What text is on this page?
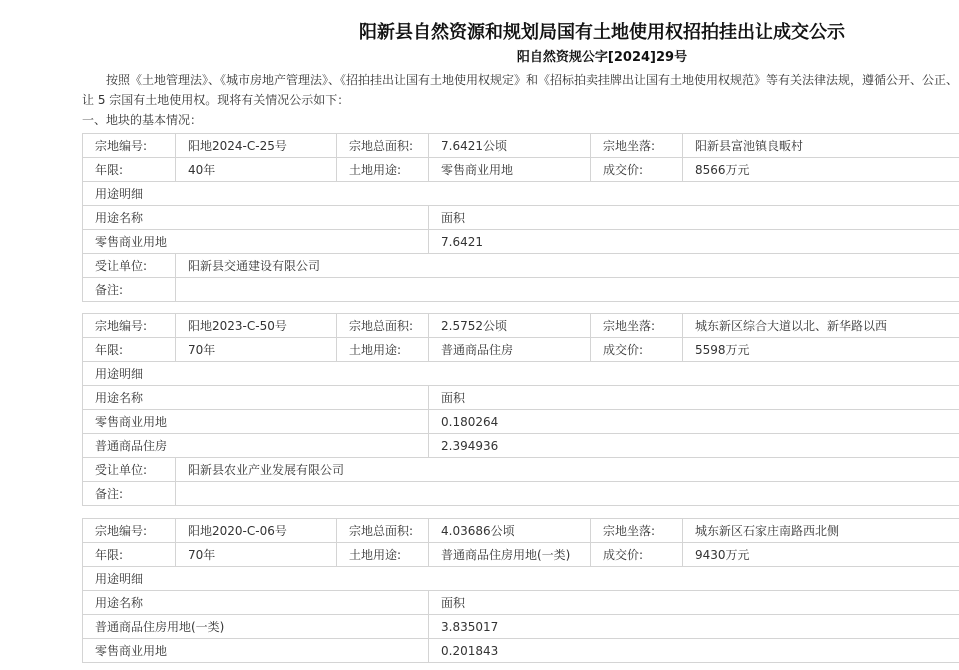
阳新县自然资源和规划局国有土地使用权招拍挂出让成交公示
阳自然资规公字[2024]29号
按照《土地管理法》、《城市房地产管理法》、《招拍挂出让国有土地使用权规定》和《招标拍卖挂牌出让国有土地使用权规范》等有关法律法规，遵循公开、公正、
让 5 宗国有土地使用权。现将有关情况公示如下：
一、地块的基本情况：
宗地编号:	阳地2024-C-25号	宗地总面积:	7.6421公顷	宗地坐落:	阳新县富池镇良畈村
年限:	40年	土地用途:	零售商业用地	成交价:	8566万元
用途明细					
用途名称			面积		
零售商业用地			7.6421		
受让单位:	阳新县交通建设有限公司				
备注:					
宗地编号:	阳地2023-C-50号	宗地总面积:	2.5752公顷	宗地坐落:	城东新区综合大道以北、新华路以西
年限:	70年	土地用途:	普通商品住房	成交价:	5598万元
用途明细					
用途名称			面积		
零售商业用地			0.180264		
普通商品住房			2.394936		
受让单位:	阳新县农业产业发展有限公司				
备注:					
宗地编号:	阳地2020-C-06号	宗地总面积:	4.03686公顷	宗地坐落:	城东新区石家庄南路西北侧
年限:	70年	土地用途:	普通商品住房用地(一类)	成交价:	9430万元
用途明细					
用途名称			面积		
普通商品住房用地(一类)			3.835017		
零售商业用地			0.201843		
